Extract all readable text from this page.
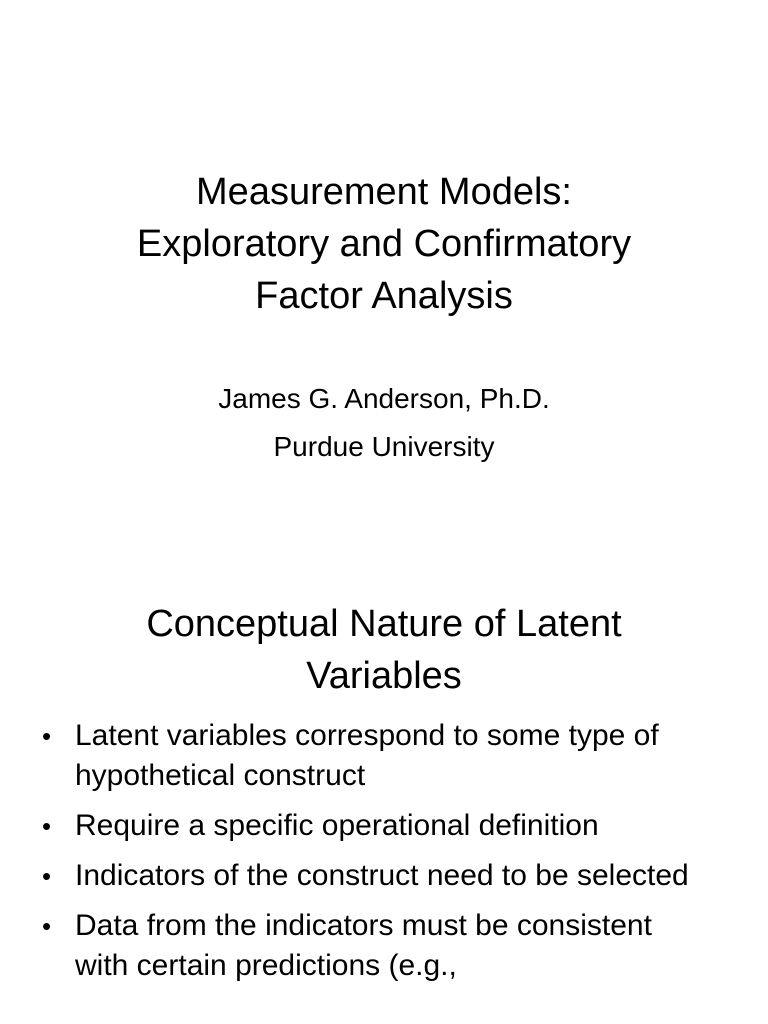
Measurement Models:
Exploratory and Confirmatory
Factor Analysis
James G. Anderson, Ph.D.
Purdue University
Conceptual Nature of Latent
Variables
• Latent variables correspond to some type of hypothetical construct
• Require a specific operational definition
• Indicators of the construct need to be selected
• Data from the indicators must be consistent with certain predictions (e.g.,
